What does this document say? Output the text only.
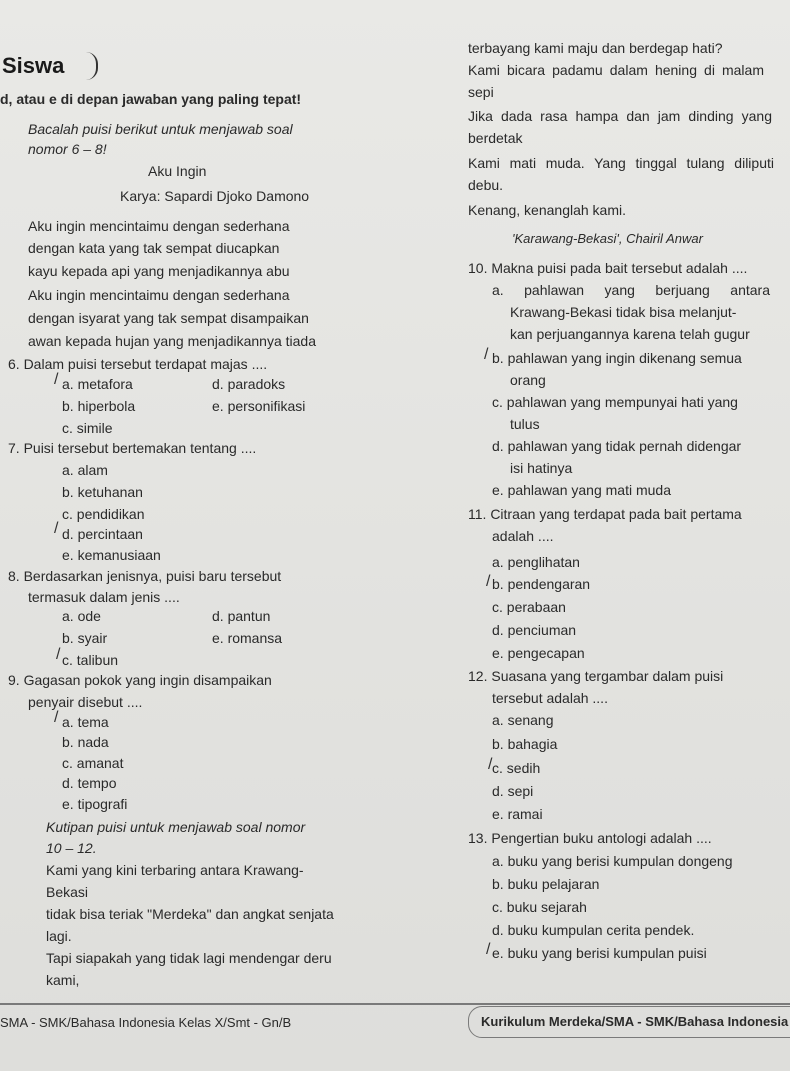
Siswa
d, atau e di depan jawaban yang paling tepat!
Bacalah puisi berikut untuk menjawab soal
nomor 6 – 8!
Aku Ingin
Karya: Sapardi Djoko Damono
Aku ingin mencintaimu dengan sederhana
dengan kata yang tak sempat diucapkan
kayu kepada api yang menjadikannya abu
Aku ingin mencintaimu dengan sederhana
dengan isyarat yang tak sempat disampaikan
awan kepada hujan yang menjadikannya tiada
6. Dalam puisi tersebut terdapat majas ....
a. metafora	d. paradoks
b. hiperbola	e. personifikasi
c. simile
/
7. Puisi tersebut bertemakan tentang ....
a. alam
b. ketuhanan
c. pendidikan
d. percintaan
e. kemanusiaan
/
8. Berdasarkan jenisnya, puisi baru tersebut
termasuk dalam jenis ....
a. ode	d. pantun
b. syair	e. romansa
c. talibun
/
9. Gagasan pokok yang ingin disampaikan
penyair disebut ....
a. tema
b. nada
c. amanat
d. tempo
e. tipografi
/
Kutipan puisi untuk menjawab soal nomor
10 – 12.
Kami yang kini terbaring antara Krawang-
Bekasi
tidak bisa teriak "Merdeka" dan angkat senjata
lagi.
Tapi siapakah yang tidak lagi mendengar deru
kami,
terbayang kami maju dan berdegap hati?
Kami bicara padamu dalam hening di malam
sepi
Jika dada rasa hampa dan jam dinding yang
berdetak
Kami mati muda. Yang tinggal tulang diliputi
debu.
Kenang, kenanglah kami.
'Karawang-Bekasi', Chairil Anwar
10. Makna puisi pada bait tersebut adalah ....
a. pahlawan yang berjuang antara
Krawang-Bekasi tidak bisa melanjut-
kan perjuangannya karena telah gugur
b. pahlawan yang ingin dikenang semua
orang
c. pahlawan yang mempunyai hati yang
tulus
d. pahlawan yang tidak pernah didengar
isi hatinya
e. pahlawan yang mati muda
/
11. Citraan yang terdapat pada bait pertama
adalah ....
a. penglihatan
b. pendengaran
c. perabaan
d. penciuman
e. pengecapan
/
12. Suasana yang tergambar dalam puisi
tersebut adalah ....
a. senang
b. bahagia
c. sedih
d. sepi
e. ramai
/
13. Pengertian buku antologi adalah ....
a. buku yang berisi kumpulan dongeng
b. buku pelajaran
c. buku sejarah
d. buku kumpulan cerita pendek.
e. buku yang berisi kumpulan puisi
/
SMA - SMK/Bahasa Indonesia Kelas X/Smt - Gn/B	Kurikulum Merdeka/SMA - SMK/Bahasa Indonesia
